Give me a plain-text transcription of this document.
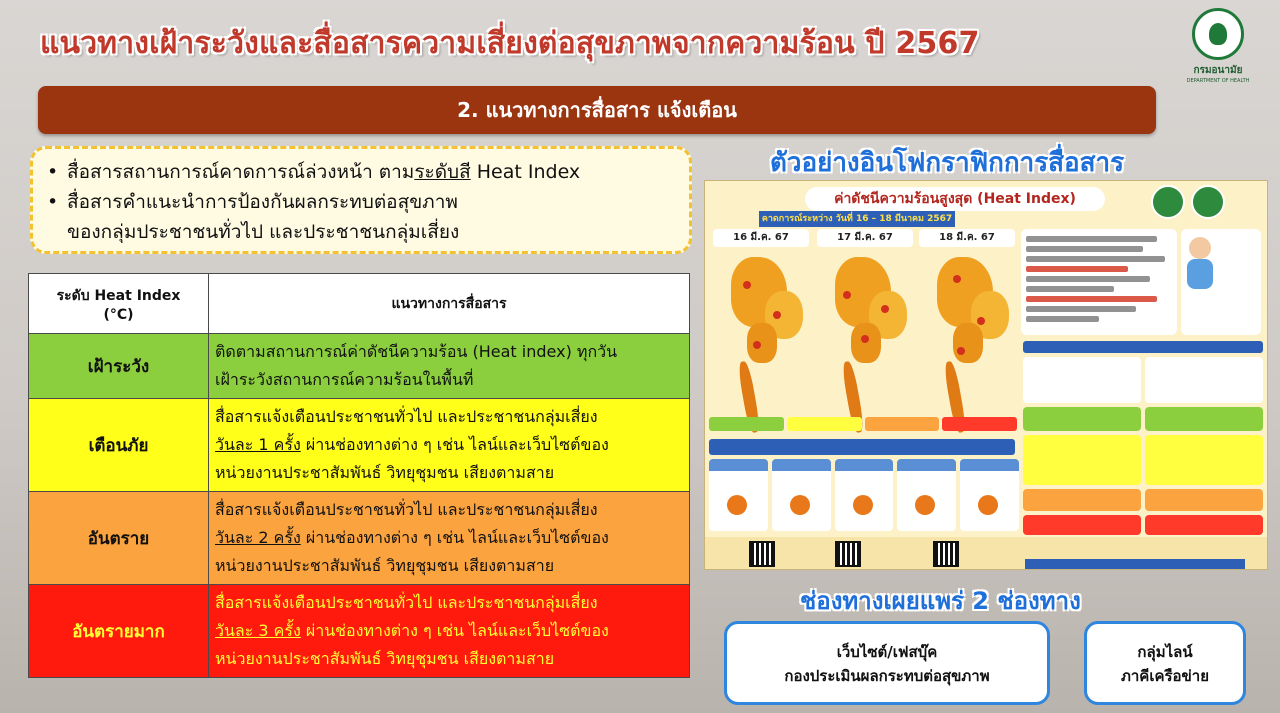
แนวทางเฝ้าระวังและสื่อสารความเสี่ยงต่อสุขภาพจากความร้อน ปี 2567
กรมอนามัย
DEPARTMENT OF HEALTH
2. แนวทางการสื่อสาร แจ้งเตือน
• สื่อสารสถานการณ์คาดการณ์ล่วงหน้า ตามระดับสี Heat Index
• สื่อสารคำแนะนำการป้องกันผลกระทบต่อสุขภาพ
ของกลุ่มประชาชนทั่วไป และประชาชนกลุ่มเสี่ยง
ระดับ Heat Index
(°C)	แนวทางการสื่อสาร
เฝ้าระวัง	ติดตามสถานการณ์ค่าดัชนีความร้อน (Heat index) ทุกวัน
เฝ้าระวังสถานการณ์ความร้อนในพื้นที่
เตือนภัย	สื่อสารแจ้งเตือนประชาชนทั่วไป และประชาชนกลุ่มเสี่ยง
วันละ 1 ครั้ง ผ่านช่องทางต่าง ๆ เช่น ไลน์และเว็บไซต์ของ
หน่วยงานประชาสัมพันธ์ วิทยุชุมชน เสียงตามสาย
อันตราย	สื่อสารแจ้งเตือนประชาชนทั่วไป และประชาชนกลุ่มเสี่ยง
วันละ 2 ครั้ง ผ่านช่องทางต่าง ๆ เช่น ไลน์และเว็บไซต์ของ
หน่วยงานประชาสัมพันธ์ วิทยุชุมชน เสียงตามสาย
อันตรายมาก	สื่อสารแจ้งเตือนประชาชนทั่วไป และประชาชนกลุ่มเสี่ยง
วันละ 3 ครั้ง ผ่านช่องทางต่าง ๆ เช่น ไลน์และเว็บไซต์ของ
หน่วยงานประชาสัมพันธ์ วิทยุชุมชน เสียงตามสาย
ตัวอย่างอินโฟกราฟิกการสื่อสาร
ค่าดัชนีความร้อนสูงสุด (Heat Index)
คาดการณ์ระหว่าง วันที่ 16 – 18 มีนาคม 2567
16 มี.ค. 67	17 มี.ค. 67	18 มี.ค. 67
ช่องทางเผยแพร่ 2 ช่องทาง
เว็บไซต์/เฟสบุ๊ค
กองประเมินผลกระทบต่อสุขภาพ
กลุ่มไลน์
ภาคีเครือข่าย
